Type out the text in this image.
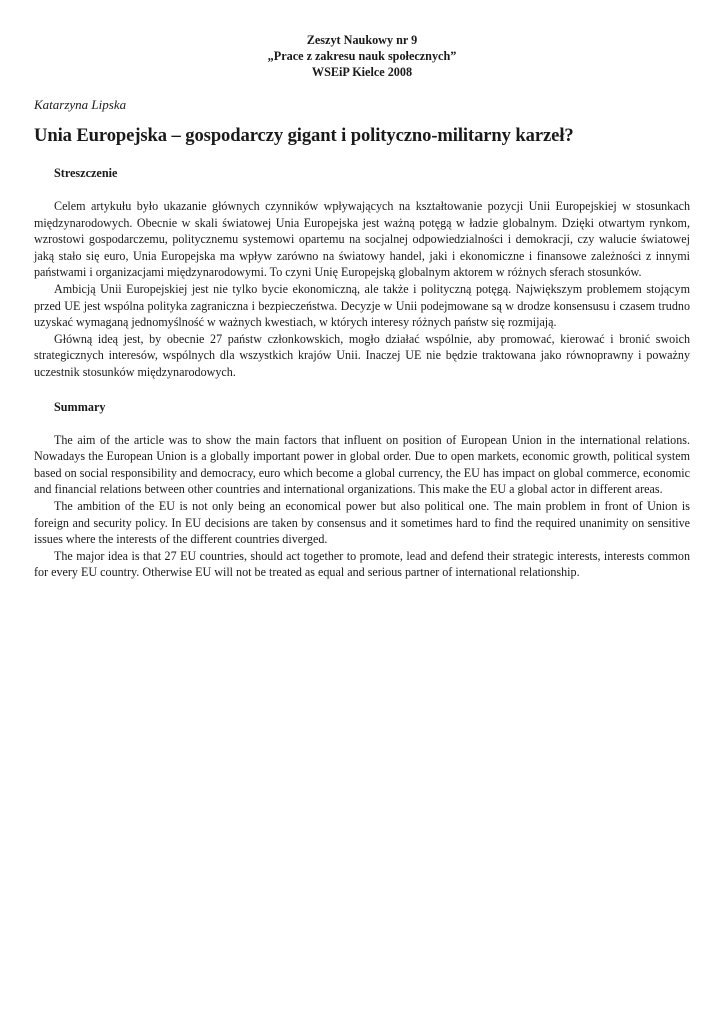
Zeszyt Naukowy nr 9
„Prace z zakresu nauk społecznych”
WSEiP Kielce 2008
Katarzyna Lipska
Unia Europejska – gospodarczy gigant i polityczno-militarny karzeł?
Streszczenie

Celem artykułu było ukazanie głównych czynników wpływających na kształtowanie pozycji Unii Europejskiej w stosunkach międzynarodowych. Obecnie w skali światowej Unia Europejska jest ważną potęgą w ładzie globalnym. Dzięki otwartym rynkom, wzrostowi gospodarczemu, politycznemu systemowi opartemu na socjalnej odpowiedzialności i demokracji, czy walucie światowej jaką stało się euro, Unia Europejska ma wpływ zarówno na światowy handel, jaki i ekonomiczne i finansowe zależności z innymi państwami i organizacjami międzynarodowymi. To czyni Unię Europejską globalnym aktorem w różnych sferach stosunków.

Ambicją Unii Europejskiej jest nie tylko bycie ekonomiczną, ale także i polityczną potęgą. Największym problemem stojącym przed UE jest wspólna polityka zagraniczna i bezpieczeństwa. Decyzje w Unii podejmowane są w drodze konsensusu i czasem trudno uzyskać wymaganą jednomyślność w ważnych kwestiach, w których interesy różnych państw się rozmijają.

Główną ideą jest, by obecnie 27 państw członkowskich, mogło działać wspólnie, aby promować, kierować i bronić swoich strategicznych interesów, wspólnych dla wszystkich krajów Unii. Inaczej UE nie będzie traktowana jako równoprawny i poważny uczestnik stosunków międzynarodowych.

Summary

The aim of the article was to show the main factors that influent on position of European Union in the international relations. Nowadays the European Union is a globally important power in global order. Due to open markets, economic growth, political system based on social responsibility and democracy, euro which become a global currency, the EU has impact on global commerce, economic and financial relations between other countries and international organizations. This make the EU a global actor in different areas.

The ambition of the EU is not only being an economical power but also political one. The main problem in front of Union is foreign and security policy. In EU decisions are taken by consensus and it sometimes hard to find the required unanimity on sensitive issues where the interests of the different countries diverged.

The major idea is that 27 EU countries, should act together to promote, lead and defend their strategic interests, interests common for every EU country. Otherwise EU will not be treated as equal and serious partner of international relationship.
